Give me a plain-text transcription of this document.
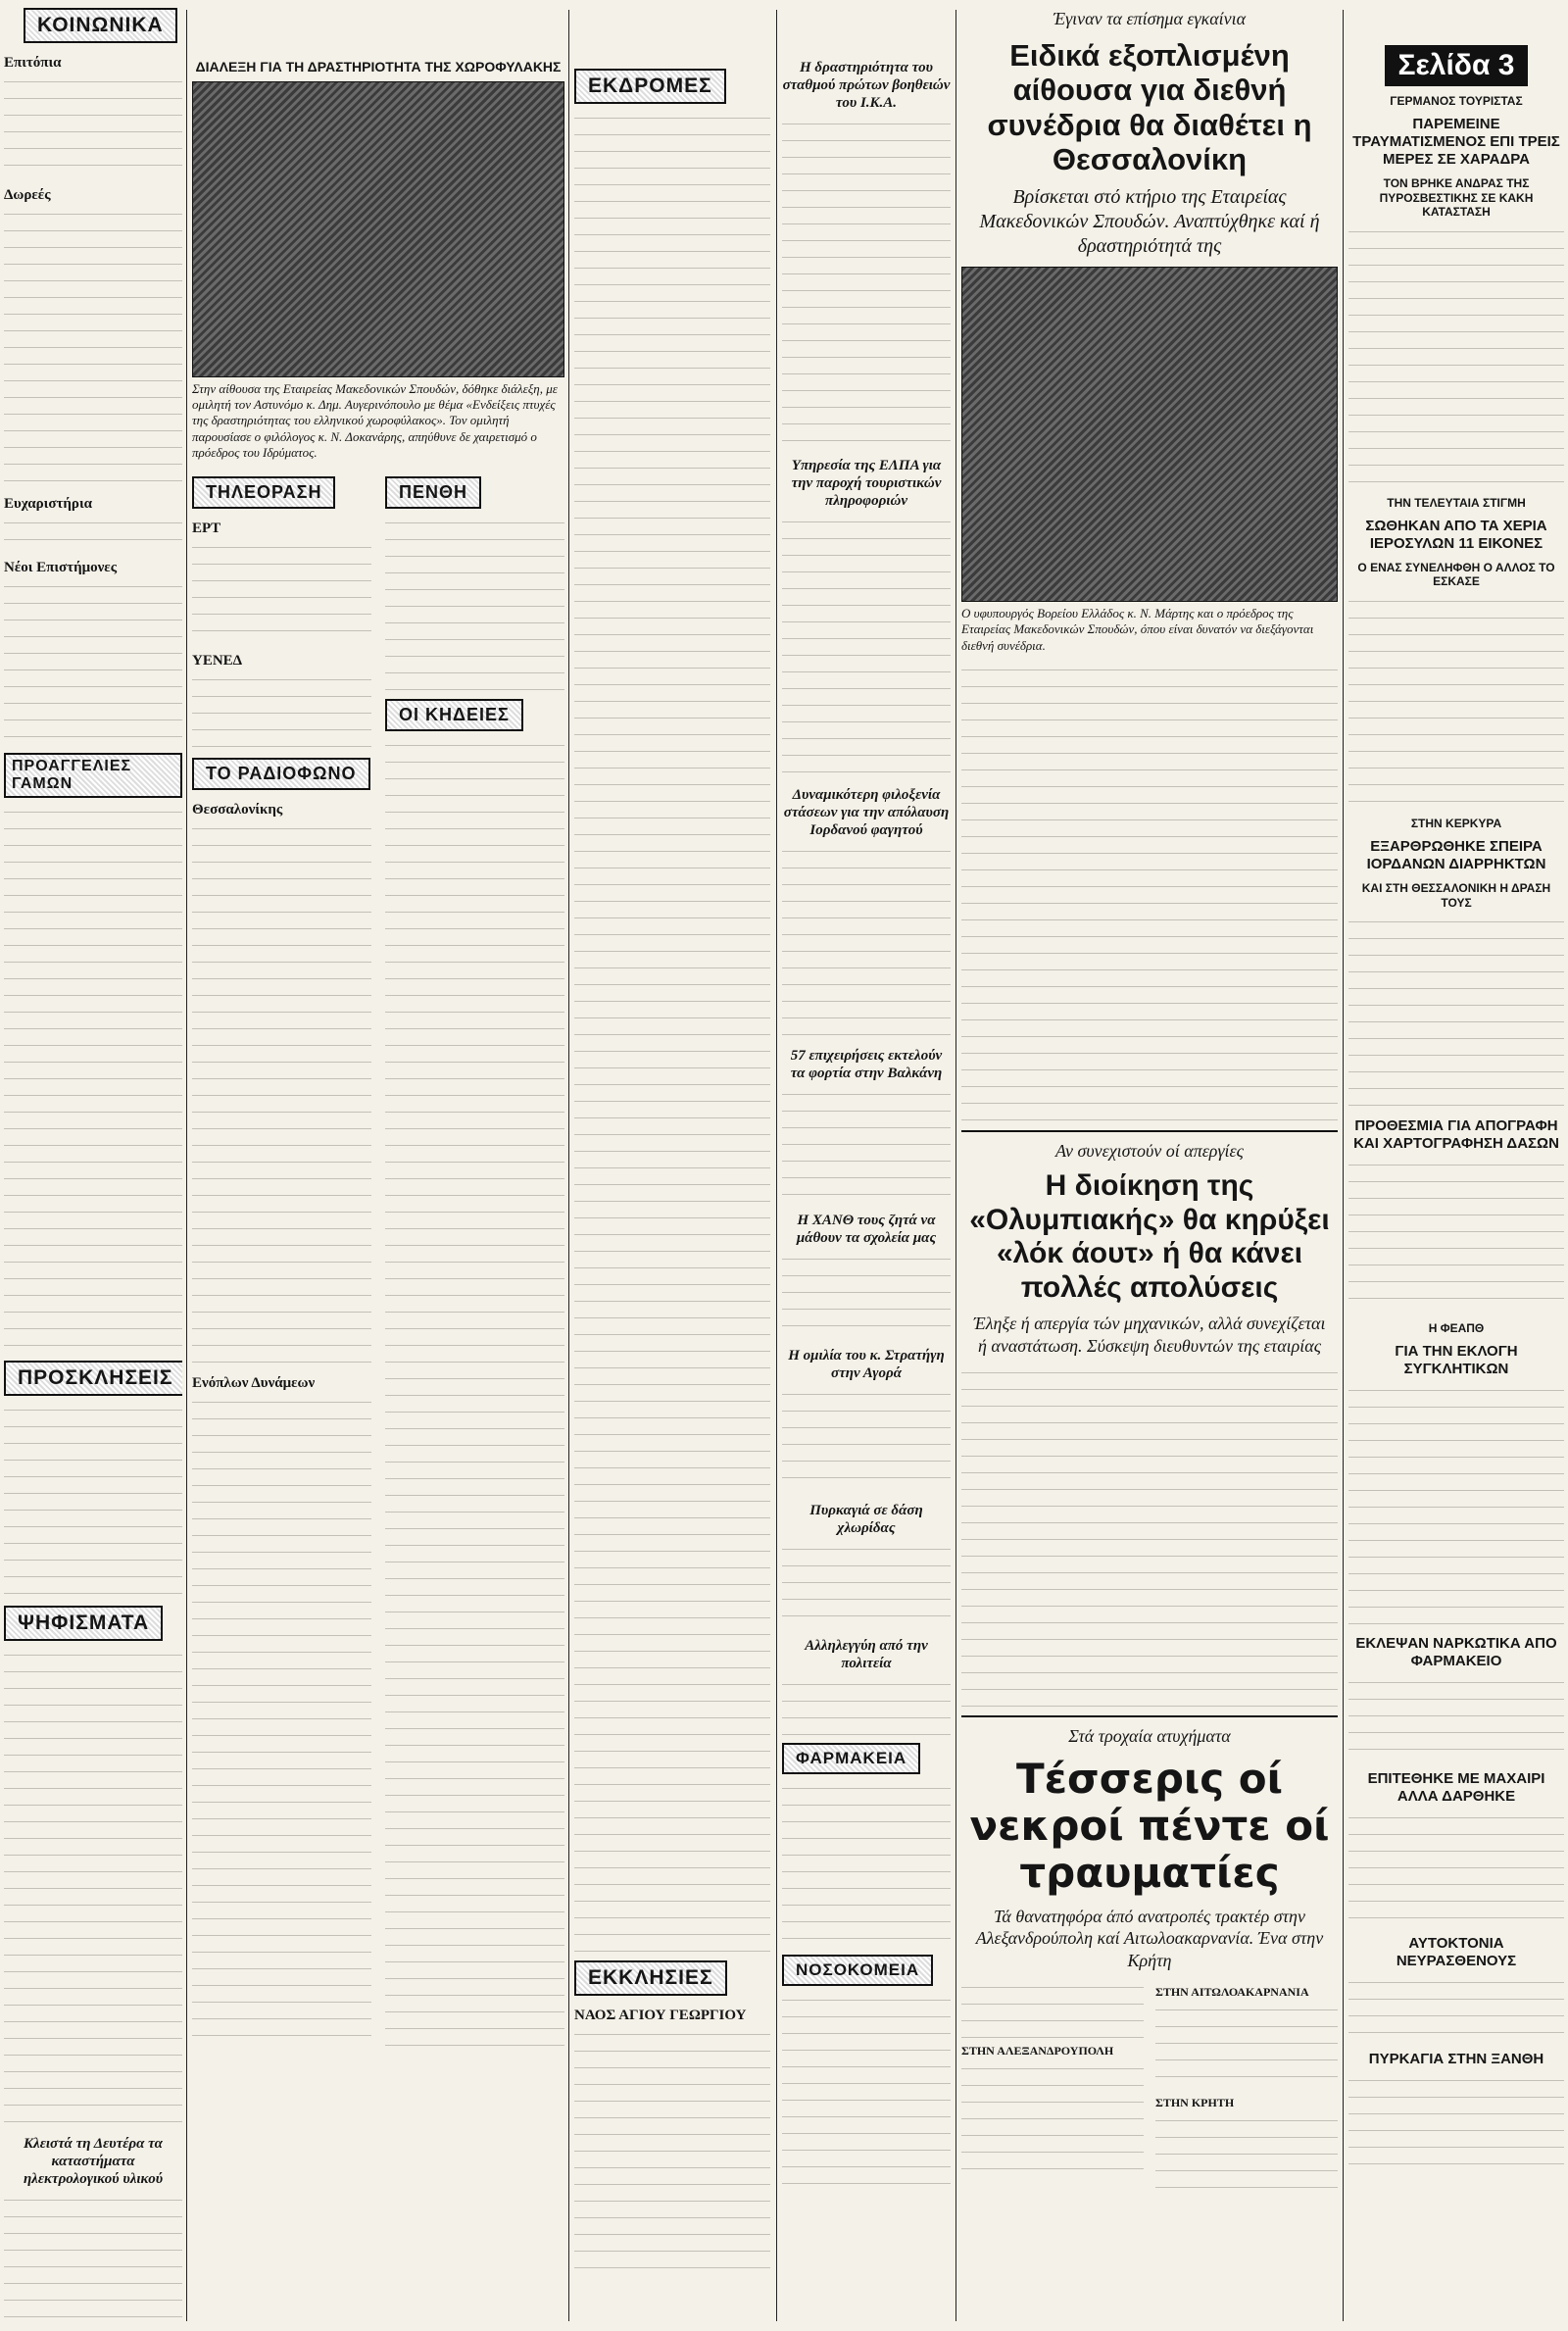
ΚΟΙΝΩΝΙΚΑ
Επιτόπια
Δωρεές
Ευχαριστήρια
Νέοι Επιστήμονες
ΠΡΟΑΓΓΕΛΙΕΣ ΓΑΜΩΝ
ΠΡΟΣΚΛΗΣΕΙΣ
ΨΗΦΙΣΜΑΤΑ
Κλειστά τη Δευτέρα τα καταστήματα ηλεκτρολογικού υλικού
ΔΙΑΛΕΞΗ ΓΙΑ ΤΗ ΔΡΑΣΤΗΡΙΟΤΗΤΑ ΤΗΣ ΧΩΡΟΦΥΛΑΚΗΣ
Στην αίθουσα της Εταιρείας Μακεδονικών Σπουδών, δόθηκε διάλεξη, με ομιλητή τον Αστυνόμο κ. Δημ. Αυγερινόπουλο με θέμα «Ενδείξεις πτυχές της δραστηριότητας του ελληνικού χωροφύλακος». Τον ομιλητή παρουσίασε ο φιλόλογος κ. Ν. Δοκανάρης, απηύθυνε δε χαιρετισμό ο πρόεδρος του Ιδρύματος.
ΤΗΛΕΟΡΑΣΗ
ΕΡΤ
ΥΕΝΕΔ
ΤΟ ΡΑΔΙΟΦΩΝΟ
Θεσσαλονίκης
Ενόπλων Δυνάμεων
ΠΕΝΘΗ
ΟΙ ΚΗΔΕΙΕΣ
ΕΚΔΡΟΜΕΣ
ΕΚΚΛΗΣΙΕΣ
ΝΑΟΣ ΑΓΙΟΥ ΓΕΩΡΓΙΟΥ
Η δραστηριότητα του σταθμού πρώτων βοηθειών του Ι.Κ.Α.
Υπηρεσία της ΕΛΠΑ για την παροχή τουριστικών πληροφοριών
Δυναμικότερη φιλοξενία στάσεων για την απόλαυση Ιορδανού φαγητού
57 επιχειρήσεις εκτελούν τα φορτία στην Βαλκάνη
Η ΧΑΝΘ τους ζητά να μάθουν τα σχολεία μας
Η ομιλία του κ. Στρατήγη στην Αγορά
Πυρκαγιά σε δάση χλωρίδας
Αλληλεγγύη από την πολιτεία
ΦΑΡΜΑΚΕΙΑ
ΝΟΣΟΚΟΜΕΙΑ
Έγιναν τα επίσημα εγκαίνια
Ειδικά εξοπλισμένη αίθουσα για διεθνή συνέδρια θα διαθέτει η Θεσσαλονίκη
Βρίσκεται στό κτήριο της Εταιρείας Μακεδονικών Σπουδών. Αναπτύχθηκε καί ή δραστηριότητά της
Ο υφυπουργός Βορείου Ελλάδος κ. Ν. Μάρτης και ο πρόεδρος της Εταιρείας Μακεδονικών Σπουδών, όπου είναι δυνατόν να διεξάγονται διεθνή συνέδρια.
Αν συνεχιστούν οί απεργίες
Η διοίκηση της «Ολυμπιακής» θα κηρύξει «λόκ άουτ» ή θα κάνει πολλές απολύσεις
Έληξε ή απεργία τών μηχανικών, αλλά συνεχίζεται ή αναστάτωση. Σύσκεψη διευθυντών της εταιρίας
Στά τροχαία ατυχήματα
Τέσσερις οί νεκροί πέντε οί τραυματίες
Τά θανατηφόρα άπό ανατροπές τρακτέρ στην Αλεξανδρούπολη καί Αιτωλοακαρνανία. Ένα στην Κρήτη
ΣΤΗΝ ΑΛΕΞΑΝΔΡΟΥΠΟΛΗ
ΣΤΗΝ ΑΙΤΩΛΟΑΚΑΡΝΑΝΙΑ
ΣΤΗΝ ΚΡΗΤΗ
Σελίδα 3
ΓΕΡΜΑΝΟΣ ΤΟΥΡΙΣΤΑΣ
ΠΑΡΕΜΕΙΝΕ ΤΡΑΥΜΑΤΙΣΜΕΝΟΣ ΕΠΙ ΤΡΕΙΣ ΜΕΡΕΣ ΣΕ ΧΑΡΑΔΡΑ
ΤΟΝ ΒΡΗΚΕ ΑΝΔΡΑΣ ΤΗΣ ΠΥΡΟΣΒΕΣΤΙΚΗΣ ΣΕ ΚΑΚΗ ΚΑΤΑΣΤΑΣΗ
ΤΗΝ ΤΕΛΕΥΤΑΙΑ ΣΤΙΓΜΗ
ΣΩΘΗΚΑΝ ΑΠΟ ΤΑ ΧΕΡΙΑ ΙΕΡΟΣΥΛΩΝ 11 ΕΙΚΟΝΕΣ
Ο ΕΝΑΣ ΣΥΝΕΛΗΦΘΗ Ο ΑΛΛΟΣ ΤΟ ΕΣΚΑΣΕ
ΣΤΗΝ ΚΕΡΚΥΡΑ
ΕΞΑΡΘΡΩΘΗΚΕ ΣΠΕΙΡΑ ΙΟΡΔΑΝΩΝ ΔΙΑΡΡΗΚΤΩΝ
ΚΑΙ ΣΤΗ ΘΕΣΣΑΛΟΝΙΚΗ Η ΔΡΑΣΗ ΤΟΥΣ
ΠΡΟΘΕΣΜΙΑ ΓΙΑ ΑΠΟΓΡΑΦΗ ΚΑΙ ΧΑΡΤΟΓΡΑΦΗΣΗ ΔΑΣΩΝ
Η ΦΕΑΠΘ
ΓΙΑ ΤΗΝ ΕΚΛΟΓΗ ΣΥΓΚΛΗΤΙΚΩΝ
ΕΚΛΕΨΑΝ ΝΑΡΚΩΤΙΚΑ ΑΠΟ ΦΑΡΜΑΚΕΙΟ
ΕΠΙΤΕΘΗΚΕ ΜΕ ΜΑΧΑΙΡΙ ΑΛΛΑ ΔΑΡΘΗΚΕ
ΑΥΤΟΚΤΟΝΙΑ ΝΕΥΡΑΣΘΕΝΟΥΣ
ΠΥΡΚΑΓΙΑ ΣΤΗΝ ΞΑΝΘΗ
